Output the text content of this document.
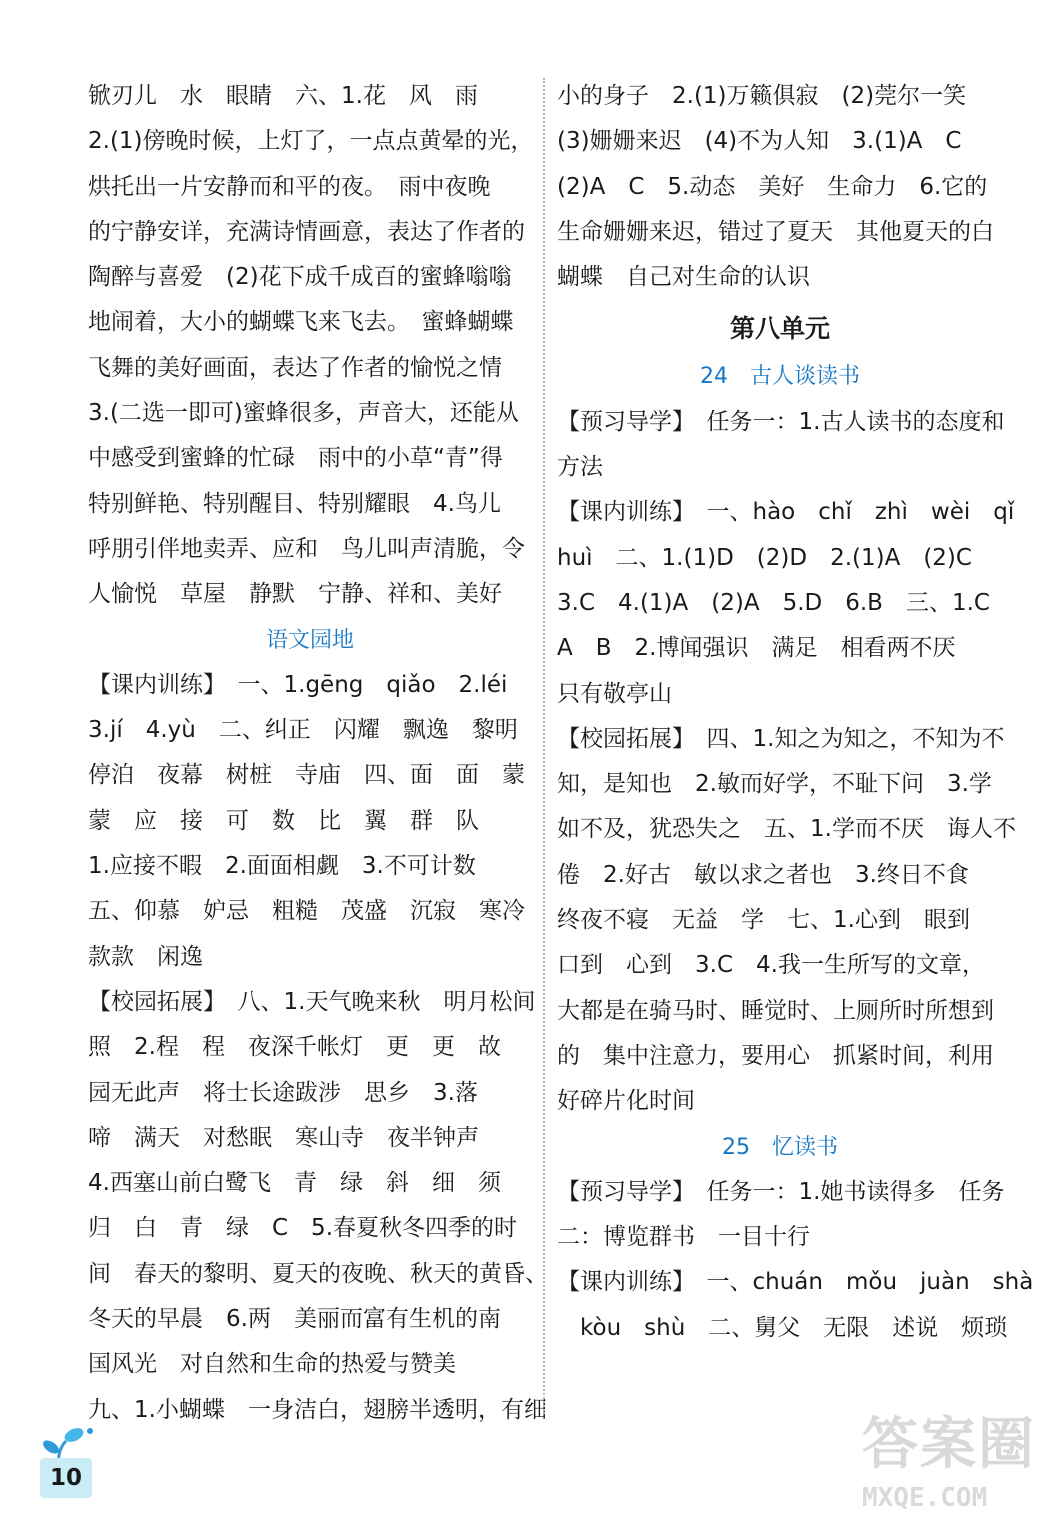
锨刃儿　水　眼睛　六、1.花　风　雨
2.(1)傍晚时候，上灯了，一点点黄晕的光，
烘托出一片安静而和平的夜。　雨中夜晚
的宁静安详，充满诗情画意，表达了作者的
陶醉与喜爱　(2)花下成千成百的蜜蜂嗡嗡
地闹着，大小的蝴蝶飞来飞去。　蜜蜂蝴蝶
飞舞的美好画面，表达了作者的愉悦之情
3.(二选一即可)蜜蜂很多，声音大，还能从
中感受到蜜蜂的忙碌　雨中的小草“青”得
特别鲜艳、特别醒目、特别耀眼　4.鸟儿
呼朋引伴地卖弄、应和　鸟儿叫声清脆，令
人愉悦　草屋　静默　宁静、祥和、美好
语文园地
【课内训练】　一、1.gēng　qiǎo　2.léi
3.jí　4.yù　二、纠正　闪耀　飘逸　黎明
停泊　夜幕　树桩　寺庙　四、面　面　蒙
蒙　应　接　可　数　比　翼　群　队
1.应接不暇　2.面面相觑　3.不可计数
五、仰慕　妒忌　粗糙　茂盛　沉寂　寒冷
款款　闲逸
【校园拓展】　八、1.天气晚来秋　明月松间
照　2.程　程　夜深千帐灯　更　更　故
园无此声　将士长途跋涉　思乡　3.落
啼　满天　对愁眠　寒山寺　夜半钟声
4.西塞山前白鹭飞　青　绿　斜　细　须
归　白　青　绿　C　5.春夏秋冬四季的时
间　春天的黎明、夏天的夜晚、秋天的黄昏、
冬天的早晨　6.两　美丽而富有生机的南
国风光　对自然和生命的热爱与赞美
九、1.小蝴蝶　一身洁白，翅膀半透明，有细
小的身子　2.(1)万籁俱寂　(2)莞尔一笑
(3)姗姗来迟　(4)不为人知　3.(1)A　C
(2)A　C　5.动态　美好　生命力　6.它的
生命姗姗来迟，错过了夏天　其他夏天的白
蝴蝶　自己对生命的认识
第八单元
24　古人谈读书
【预习导学】　任务一：1.古人读书的态度和
方法
【课内训练】　一、hào　chǐ　zhì　wèi　qǐ
huì　二、1.(1)D　(2)D　2.(1)A　(2)C
3.C　4.(1)A　(2)A　5.D　6.B　三、1.C
A　B　2.博闻强识　满足　相看两不厌
只有敬亭山
【校园拓展】　四、1.知之为知之，不知为不
知，是知也　2.敏而好学，不耻下问　3.学
如不及，犹恐失之　五、1.学而不厌　诲人不
倦　2.好古　敏以求之者也　3.终日不食
终夜不寝　无益　学　七、1.心到　眼到
口到　心到　3.C　4.我一生所写的文章，
大都是在骑马时、睡觉时、上厕所时所想到
的　集中注意力，要用心　抓紧时间，利用
好碎片化时间
25　忆读书
【预习导学】　任务一：1.她书读得多　任务
二：博览群书　一目十行
【课内训练】　一、chuán　mǒu　juàn　shà
　kòu　shù　二、舅父　无限　述说　烦琐
10
答案圈
MXQE.COM
